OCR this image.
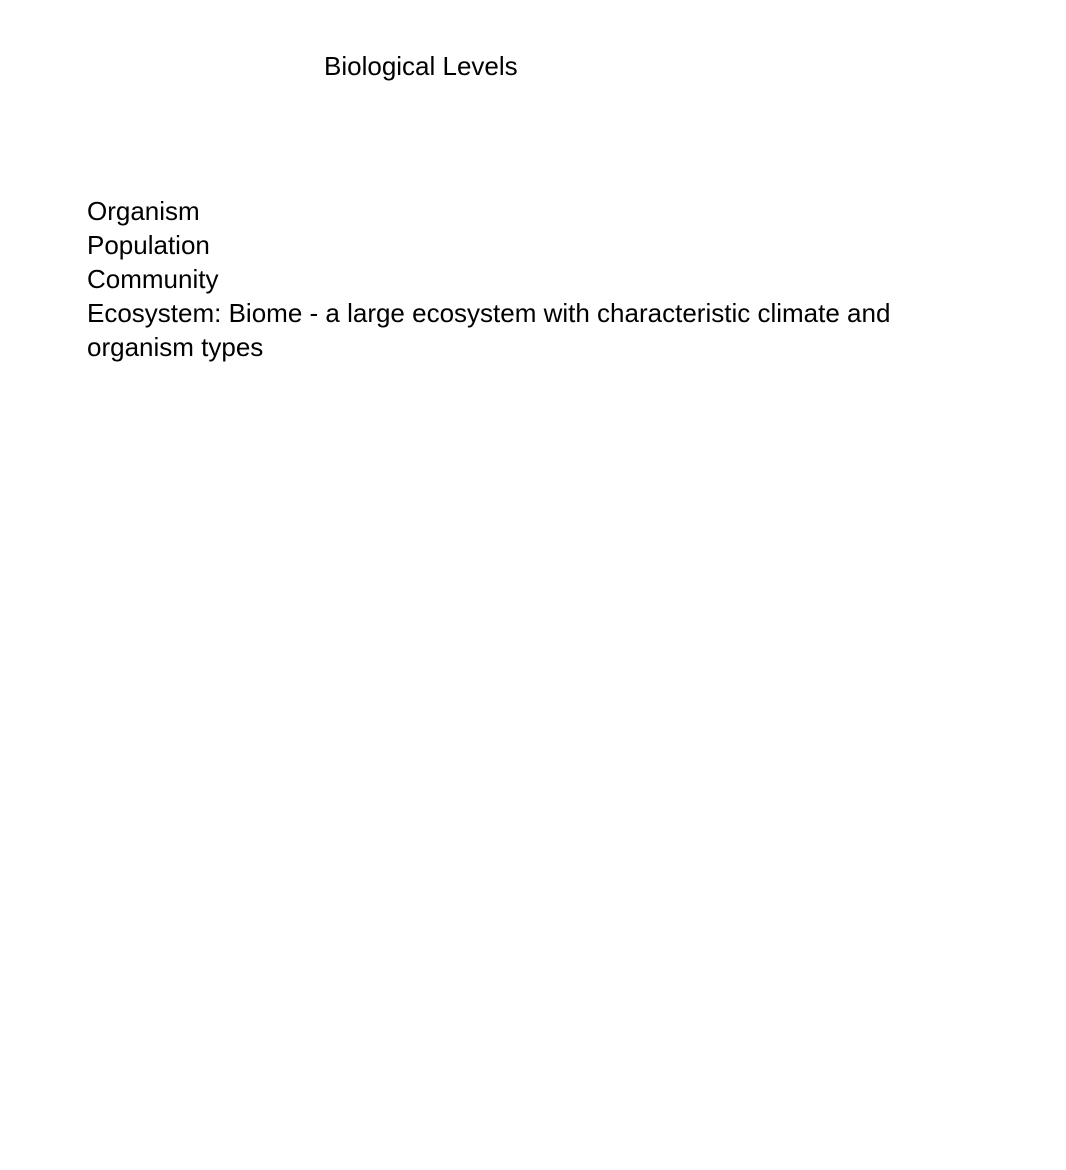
Biological Levels
Organism
Population
Community
Ecosystem: Biome - a large ecosystem with characteristic climate and organism types
